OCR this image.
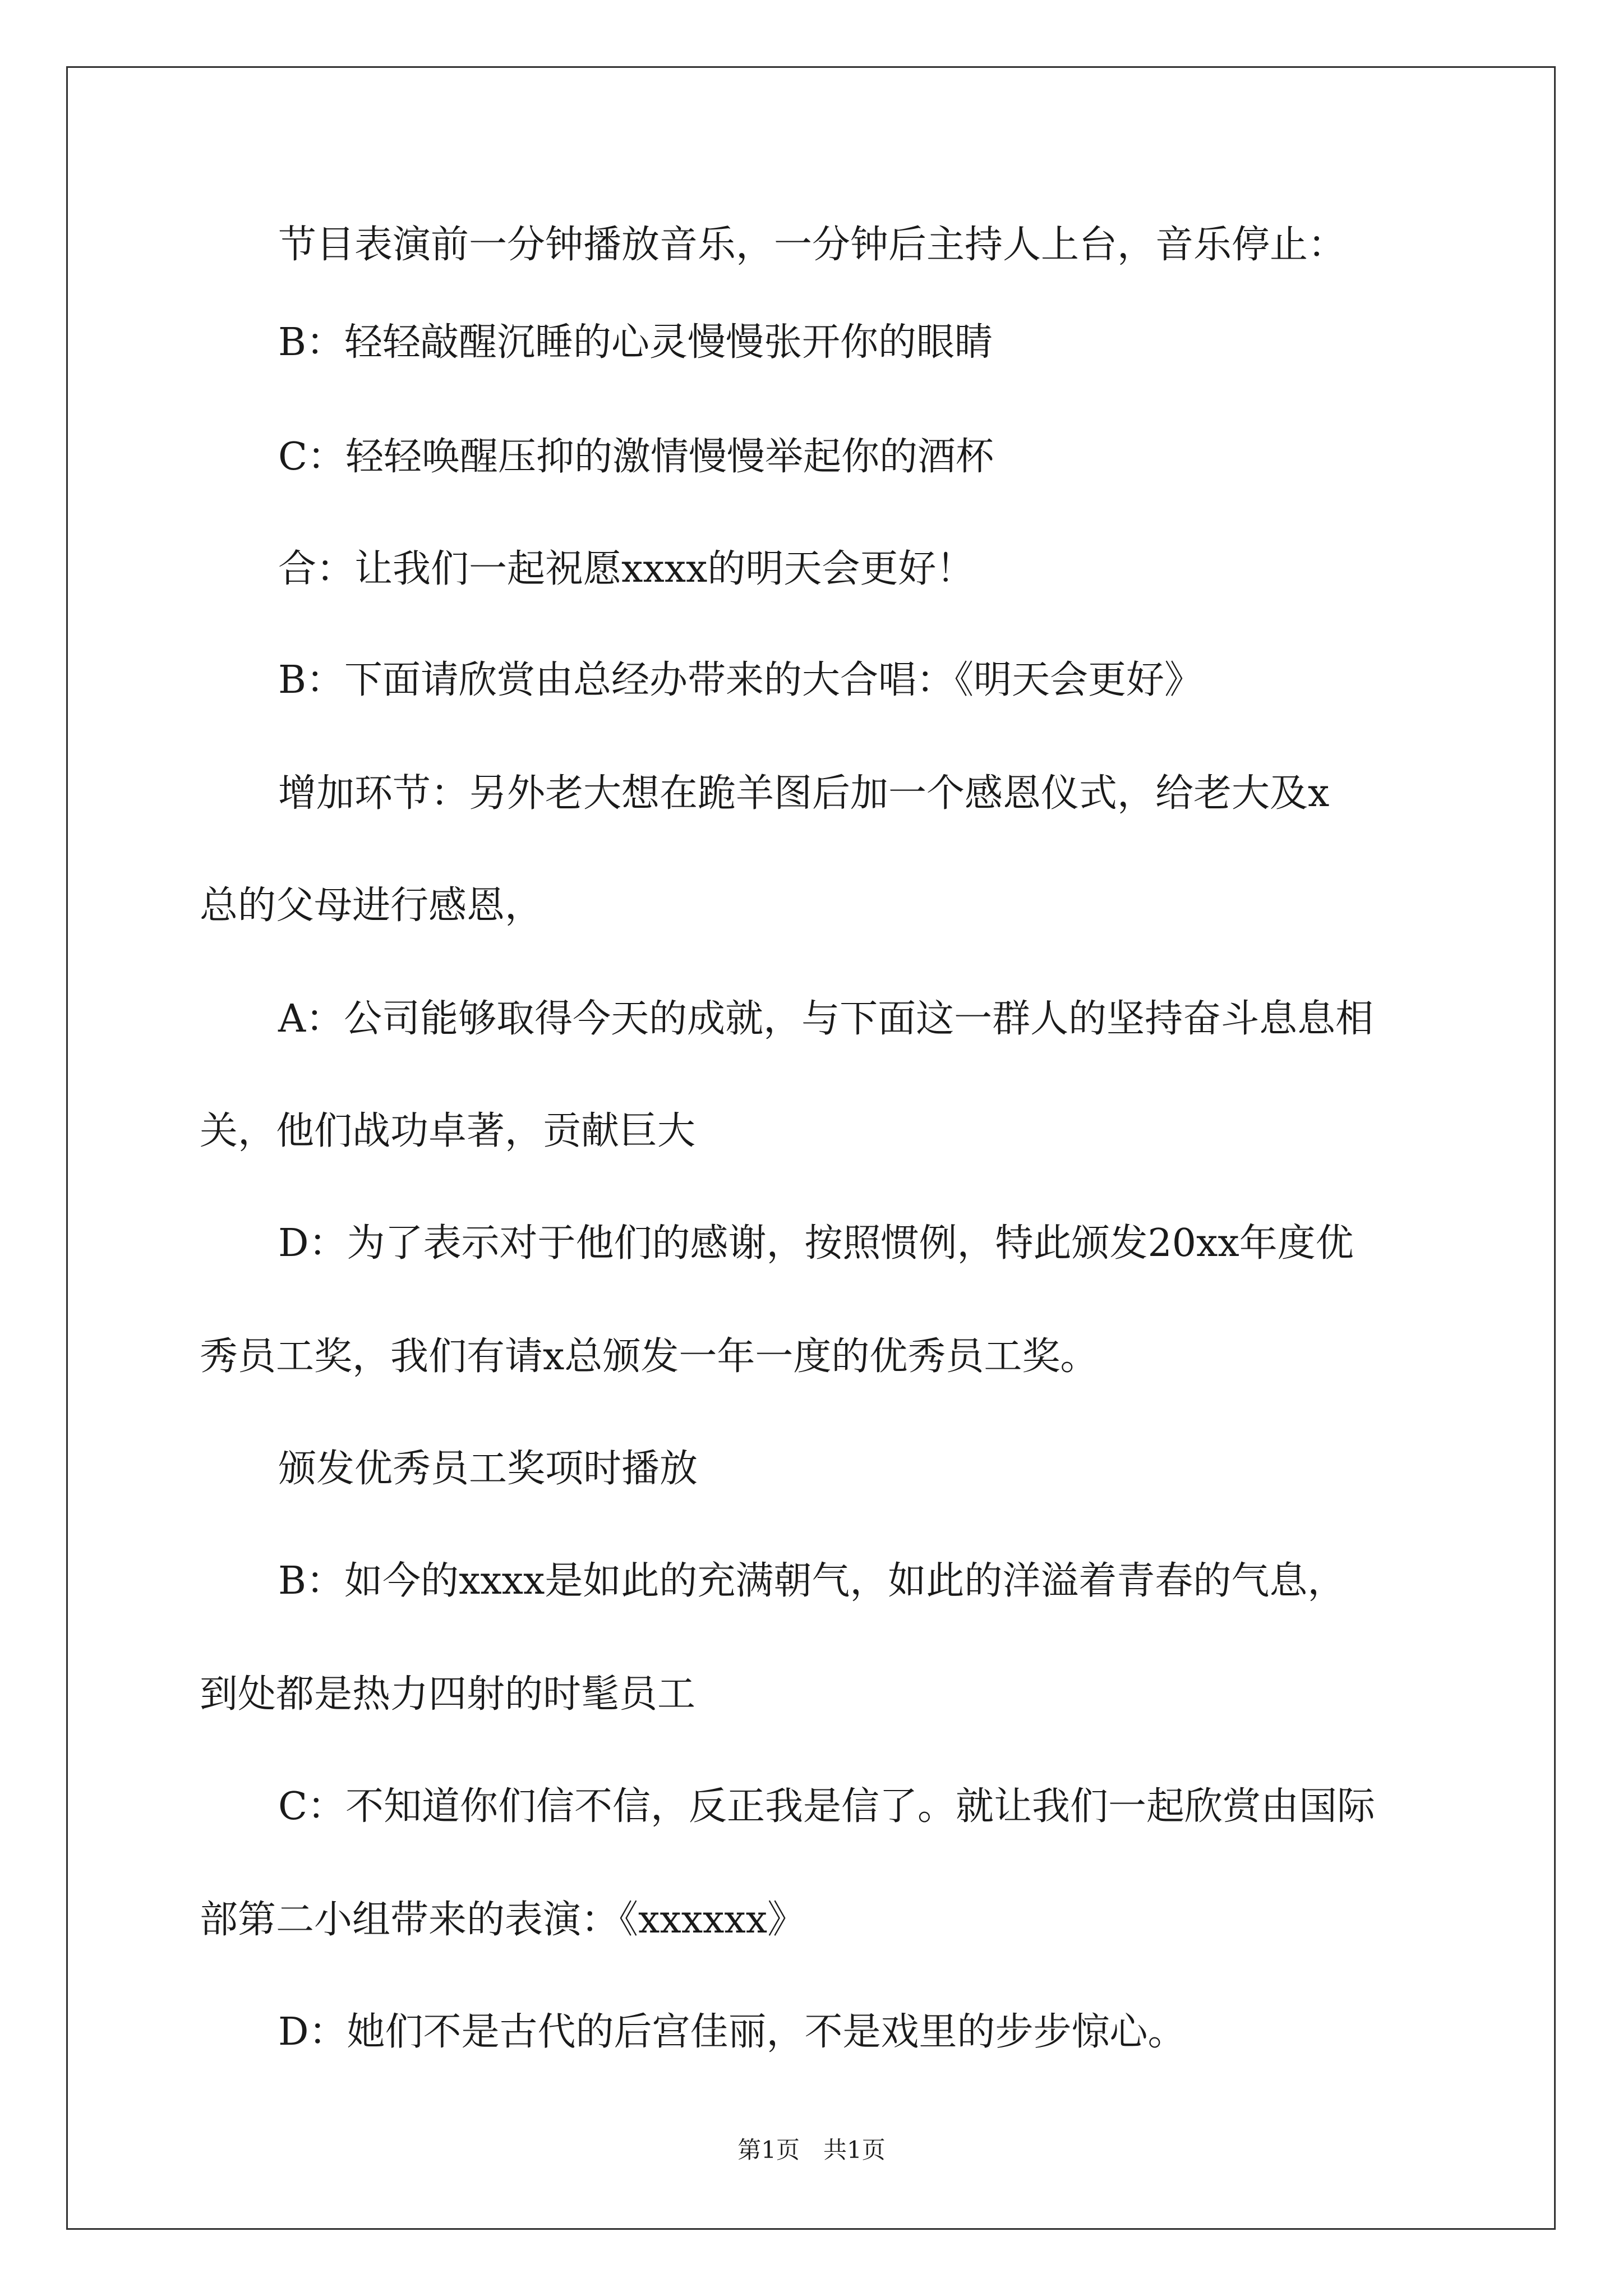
节目表演前一分钟播放音乐，一分钟后主持人上台，音乐停止：

B：轻轻敲醒沉睡的心灵慢慢张开你的眼睛

C：轻轻唤醒压抑的激情慢慢举起你的酒杯

合：让我们一起祝愿xxxx的明天会更好！

B：下面请欣赏由总经办带来的大合唱：《明天会更好》

增加环节：另外老大想在跪羊图后加一个感恩仪式，给老大及x

总的父母进行感恩，

A：公司能够取得今天的成就，与下面这一群人的坚持奋斗息息相

关，他们战功卓著，贡献巨大

D：为了表示对于他们的感谢，按照惯例，特此颁发20xx年度优

秀员工奖，我们有请x总颁发一年一度的优秀员工奖。

颁发优秀员工奖项时播放

B：如今的xxxx是如此的充满朝气，如此的洋溢着青春的气息，

到处都是热力四射的时髦员工

C：不知道你们信不信，反正我是信了。就让我们一起欣赏由国际

部第二小组带来的表演：《xxxxxx》

D：她们不是古代的后宫佳丽，不是戏里的步步惊心。

第1页　共1页
